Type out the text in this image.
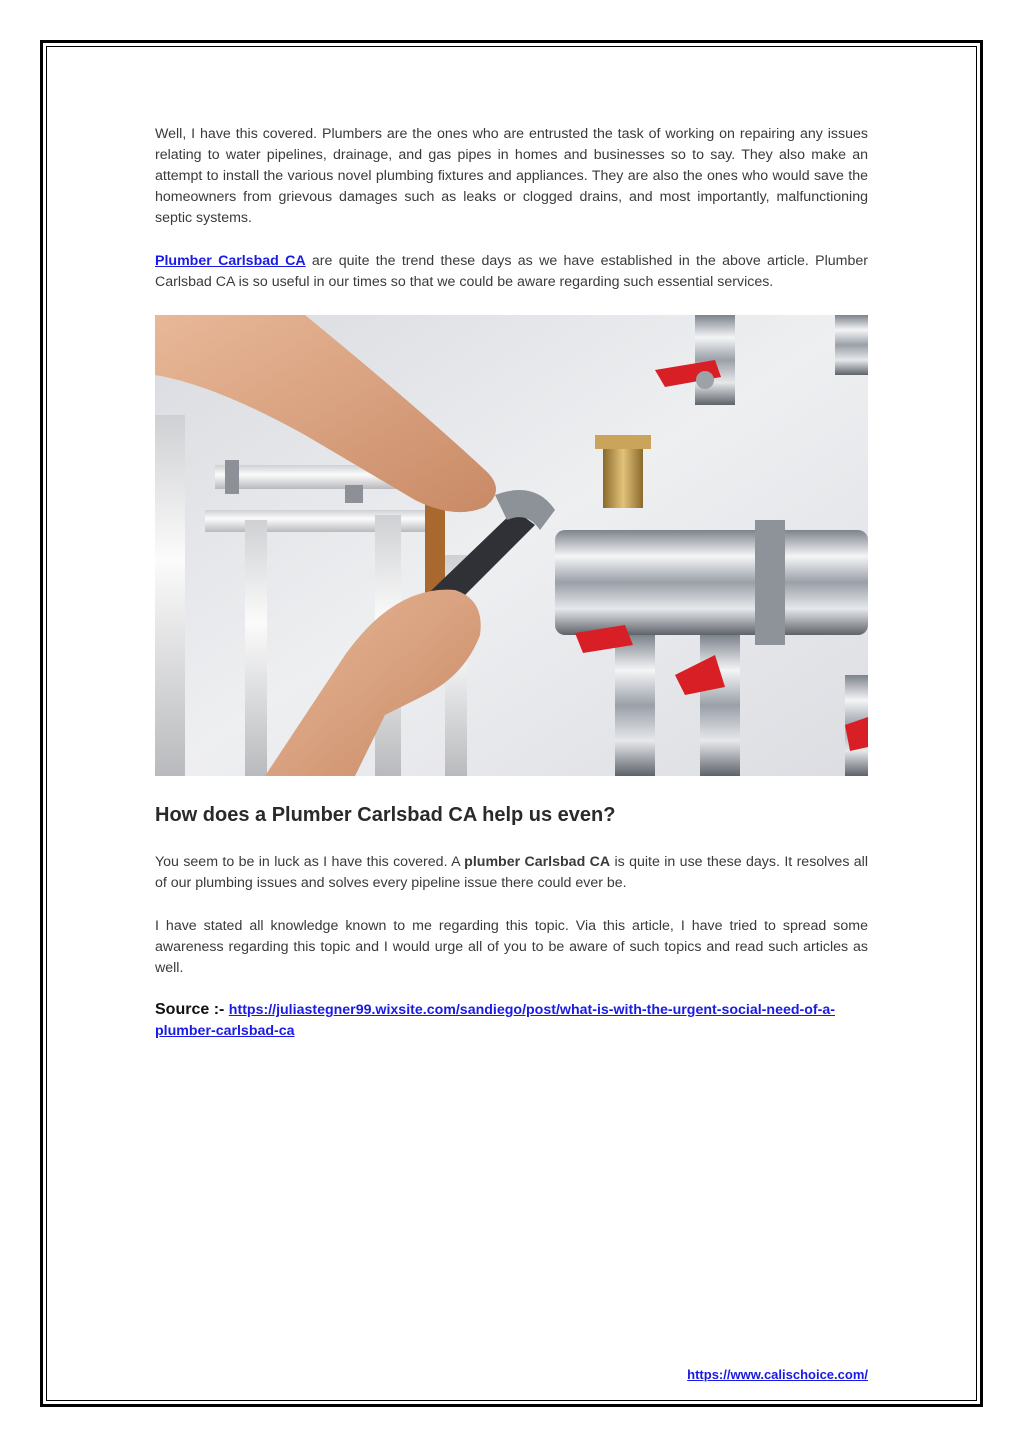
Well, I have this covered. Plumbers are the ones who are entrusted the task of working on repairing any issues relating to water pipelines, drainage, and gas pipes in homes and businesses so to say. They also make an attempt to install the various novel plumbing fixtures and appliances. They are also the ones who would save the homeowners from grievous damages such as leaks or clogged drains, and most importantly, malfunctioning septic systems.

Plumber Carlsbad CA are quite the trend these days as we have established in the above article. Plumber Carlsbad CA is so useful in our times so that we could be aware regarding such essential services.

How does a Plumber Carlsbad CA help us even?

You seem to be in luck as I have this covered. A plumber Carlsbad CA is quite in use these days. It resolves all of our plumbing issues and solves every pipeline issue there could ever be.

I have stated all knowledge known to me regarding this topic. Via this article, I have tried to spread some awareness regarding this topic and I would urge all of you to be aware of such topics and read such articles as well.

Source :- https://juliastegner99.wixsite.com/sandiego/post/what-is-with-the-urgent-social-need-of-a-plumber-carlsbad-ca
https://www.calischoice.com/
